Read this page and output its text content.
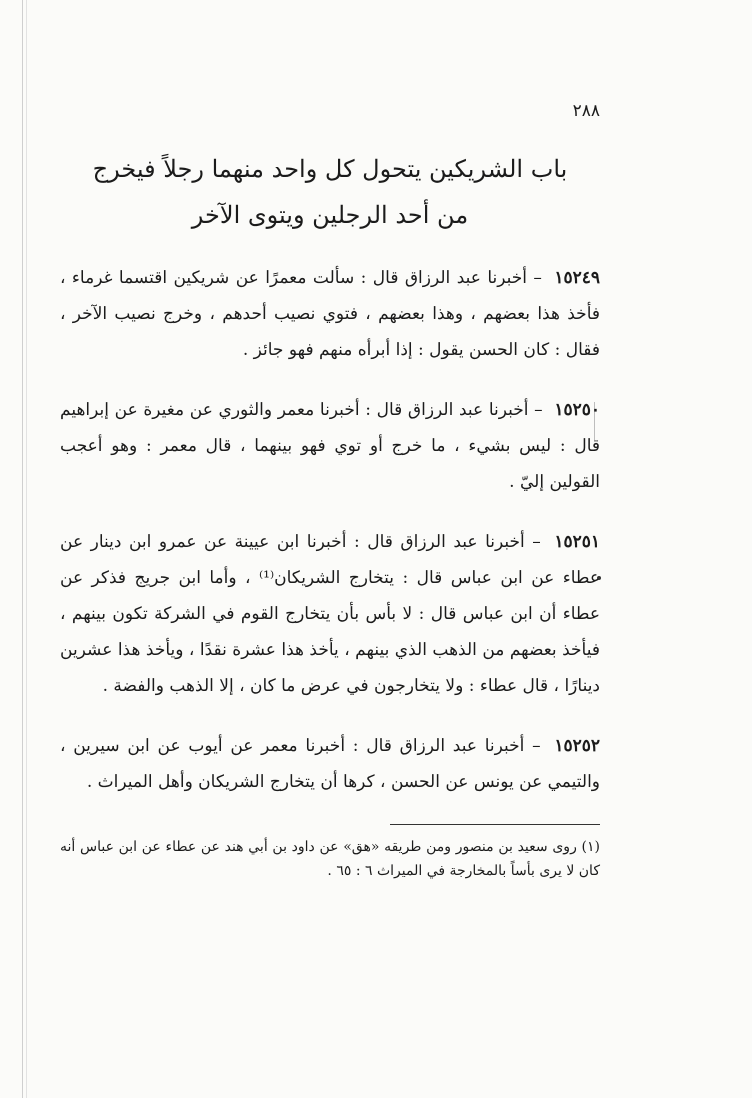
٢٨٨
باب الشريكين يتحول كل واحد منهما رجلاً فيخرج
من أحد الرجلين ويتوى الآخر
١٥٢٤٩ – أخبرنا عبد الرزاق قال : سألت معمرًا عن شريكين اقتسما غرماء ، فأخذ هذا بعضهم ، وهذا بعضهم ، فتوي نصيب أحدهم ، وخرج نصيب الآخر ، فقال : كان الحسن يقول : إذا أبرأه منهم فهو جائز .
١٥٢٥٠ – أخبرنا عبد الرزاق قال : أخبرنا معمر والثوري عن مغيرة عن إبراهيم قال : ليس بشيء ، ما خرج أو توي فهو بينهما ، قال معمر : وهو أعجب القولين إليّ .
١٥٢٥١ – أخبرنا عبد الرزاق قال : أخبرنا ابن عيينة عن عمرو ابن دينار عن عطاء عن ابن عباس قال : يتخارج الشريكان⁽¹⁾ ، وأما ابن جريج فذكر عن عطاء أن ابن عباس قال : لا بأس بأن يتخارج القوم في الشركة تكون بينهم ، فيأخذ بعضهم من الذهب الذي بينهم ، يأخذ هذا عشرة نقدًا ، ويأخذ هذا عشرين دينارًا ، قال عطاء : ولا يتخارجون في عرض ما كان ، إلا الذهب والفضة .
١٥٢٥٢ – أخبرنا عبد الرزاق قال : أخبرنا معمر عن أيوب عن ابن سيرين ، والتيمي عن يونس عن الحسن ، كرها أن يتخارج الشريكان وأهل الميراث .
(١) روى سعيد بن منصور ومن طريقه «هق» عن داود بن أبي هند عن عطاء عن ابن عباس أنه كان لا يرى بأساً بالمخارجة في الميراث ٦ : ٦٥ .
